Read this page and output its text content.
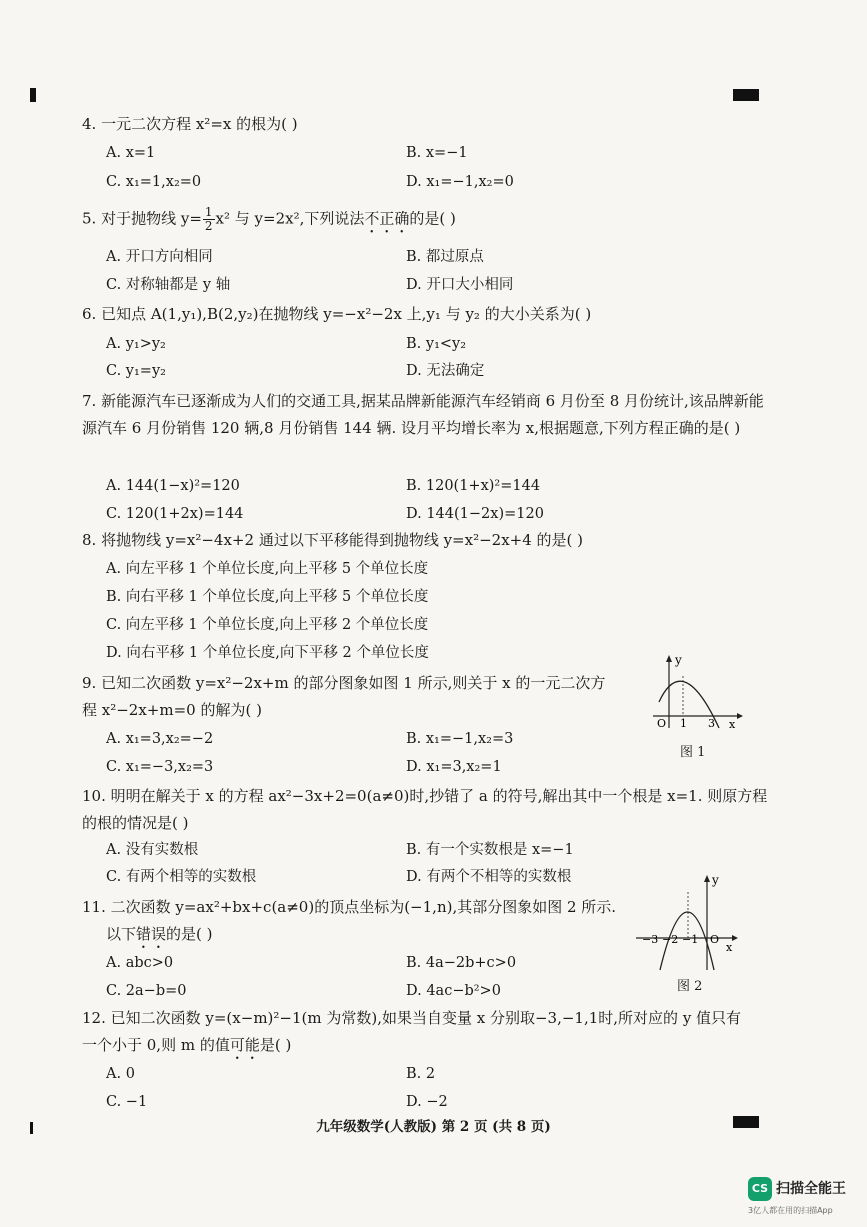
4. 一元二次方程 x²=x 的根为( )
A. x=1	B. x=−1
C. x₁=1,x₂=0	D. x₁=−1,x₂=0
5. 对于抛物线 $y= \frac{1}{2} x^2$ 与 y=2x²,下列说法不正确的是( )
A. 开口方向相同	B. 都过原点
C. 对称轴都是 y 轴	D. 开口大小相同
6. 已知点 A(1,y₁),B(2,y₂)在抛物线 y=−x²−2x 上,y₁ 与 y₂ 的大小关系为( )
A. y₁>y₂	B. y₁<y₂
C. y₁=y₂	D. 无法确定
7. 新能源汽车已逐渐成为人们的交通工具,据某品牌新能源汽车经销商 6 月份至 8 月份统计,该品牌新能源汽车 6 月份销售 120 辆,8 月份销售 144 辆. 设月平均增长率为 x,根据题意,下列方程正确的是( )
A. 144(1−x)²=120	B. 120(1+x)²=144
C. 120(1+2x)=144	D. 144(1−2x)=120
8. 将抛物线 y=x²−4x+2 通过以下平移能得到抛物线 y=x²−2x+4 的是( )
A. 向左平移 1 个单位长度,向上平移 5 个单位长度
B. 向右平移 1 个单位长度,向上平移 5 个单位长度
C. 向左平移 1 个单位长度,向上平移 2 个单位长度
D. 向右平移 1 个单位长度,向下平移 2 个单位长度
9. 已知二次函数 y=x²−2x+m 的部分图象如图 1 所示,则关于 x 的一元二次方程 x²−2x+m=0 的解为( )
A. x₁=3,x₂=−2	B. x₁=−1,x₂=3
C. x₁=−3,x₂=3	D. x₁=3,x₂=1
y
O 1 3 x
图 1
10. 明明在解关于 x 的方程 ax²−3x+2=0(a≠0)时,抄错了 a 的符号,解出其中一个根是 x=1. 则原方程的根的情况是( )
A. 没有实数根	B. 有一个实数根是 x=−1
C. 有两个相等的实数根	D. 有两个不相等的实数根
11. 二次函数 y=ax²+bx+c(a≠0)的顶点坐标为(−1,n),其部分图象如图 2 所示.
以下错误的是( )
A. abc>0	B. 4a−2b+c>0
C. 2a−b=0	D. 4ac−b²>0
y
−3 −2 −1 O
x
图 2
12. 已知二次函数 y=(x−m)²−1(m 为常数),如果当自变量 x 分别取−3,−1,1时,所对应的 y 值只有
一个小于 0,则 m 的值可能是( )
A. 0	B. 2
C. −1	D. −2
九年级数学(人教版) 第 2 页 (共 8 页)
CS 扫描全能王
3亿人都在用的扫描App
